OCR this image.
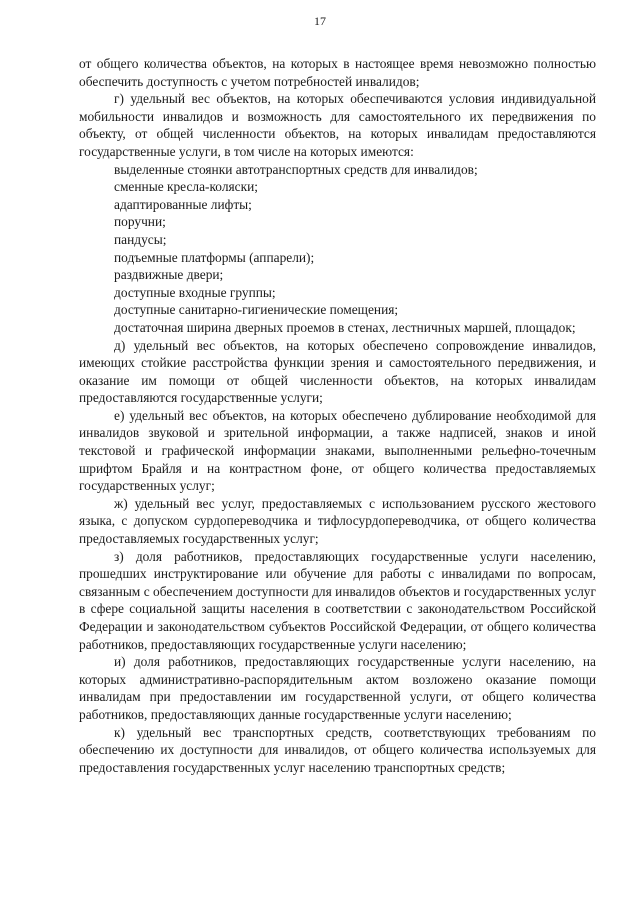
17

от общего количества объектов, на которых в настоящее время невозможно полностью обеспечить доступность с учетом потребностей инвалидов;

г) удельный вес объектов, на которых обеспечиваются условия индивидуальной мобильности инвалидов и возможность для самостоятельного их передвижения по объекту, от общей численности объектов, на которых инвалидам предоставляются государственные услуги, в том числе на которых имеются:

выделенные стоянки автотранспортных средств для инвалидов;

сменные кресла-коляски;

адаптированные лифты;

поручни;

пандусы;

подъемные платформы (аппарели);

раздвижные двери;

доступные входные группы;

доступные санитарно-гигиенические помещения;

достаточная ширина дверных проемов в стенах, лестничных маршей, площадок;

д) удельный вес объектов, на которых обеспечено сопровождение инвалидов, имеющих стойкие расстройства функции зрения и самостоятельного передвижения, и оказание им помощи от общей численности объектов, на которых инвалидам предоставляются государственные услуги;

е) удельный вес объектов, на которых обеспечено дублирование необходимой для инвалидов звуковой и зрительной информации, а также надписей, знаков и иной текстовой и графической информации знаками, выполненными рельефно-точечным шрифтом Брайля и на контрастном фоне, от общего количества предоставляемых государственных услуг;

ж) удельный вес услуг, предоставляемых с использованием русского жестового языка, с допуском сурдопереводчика и тифлосурдопереводчика, от общего количества предоставляемых государственных услуг;

з) доля работников, предоставляющих государственные услуги населению, прошедших инструктирование или обучение для работы с инвалидами по вопросам, связанным с обеспечением доступности для инвалидов объектов и государственных услуг в сфере социальной защиты населения в соответствии с законодательством Российской Федерации и законодательством субъектов Российской Федерации, от общего количества работников, предоставляющих государственные услуги населению;

и) доля работников, предоставляющих государственные услуги населению, на которых административно-распорядительным актом возложено оказание помощи инвалидам при предоставлении им государственной услуги, от общего количества работников, предоставляющих данные государственные услуги населению;

к) удельный вес транспортных средств, соответствующих требованиям по обеспечению их доступности для инвалидов, от общего количества используемых для предоставления государственных услуг населению транспортных средств;
